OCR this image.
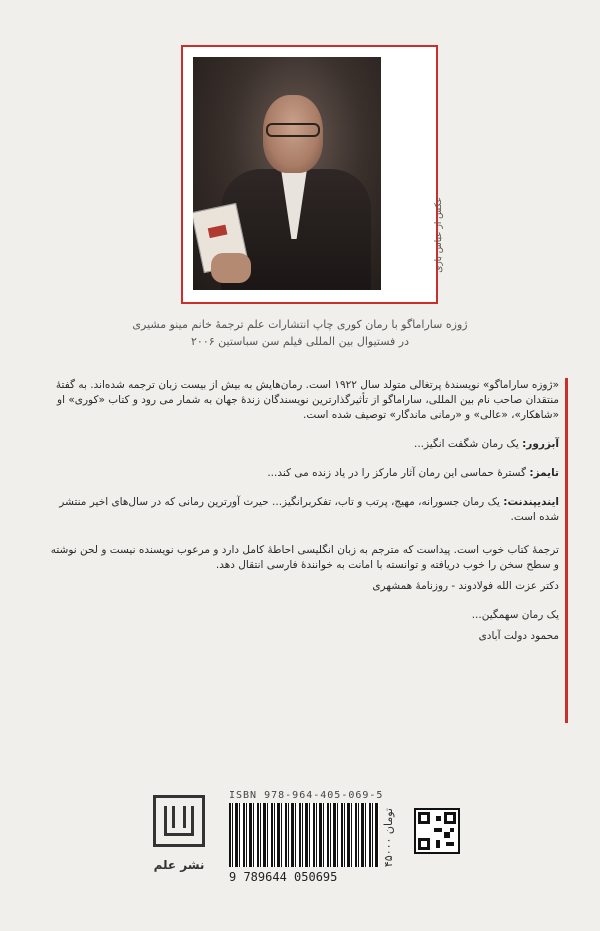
عکس از عباس بازی
ژوزه ساراماگو با رمان کوری چاپ انتشارات علم ترجمهٔ خانم مینو مشیری
در فستیوال بین المللی فیلم سن سباستین ۲۰۰۶

«ژوزه ساراماگو» نویسندهٔ پرتغالی متولد سال ۱۹۲۲ است. رمان‌هایش به بیش از بیست زبان ترجمه شده‌اند. به گفتهٔ منتقدان صاحب نام بین المللی، ساراماگو از تأثیرگذارترین نویسندگان زندهٔ جهان به شمار می رود و کتاب «کوری» او «شاهکار»، «عالی» و «رمانی ماندگار» توصیف شده است.

آبزرور: یک رمان شگفت انگیز...

تایمز: گسترهٔ حماسی این رمان آثار مارکز را در یاد زنده می کند...

ایندیپندنت: یک رمان جسورانه، مهیج، پرتب و تاب، تفکربرانگیز... حیرت آورترین رمانی که در سال‌های اخیر منتشر شده است.

ترجمهٔ کتاب خوب است. پیداست که مترجم به زبان انگلیسی احاطهٔ کامل دارد و مرعوب نویسنده نیست و لحن نوشته و سطح سخن را خوب دریافته و توانسته با امانت به خوانندهٔ فارسی انتقال دهد.

دکتر عزت الله فولادوند - روزنامهٔ همشهری

یک رمان سهمگین...

محمود دولت آبادی

نشر علم
ISBN 978-964-405-069-5
9 789644 050695
۴۵۰۰۰ تومان
